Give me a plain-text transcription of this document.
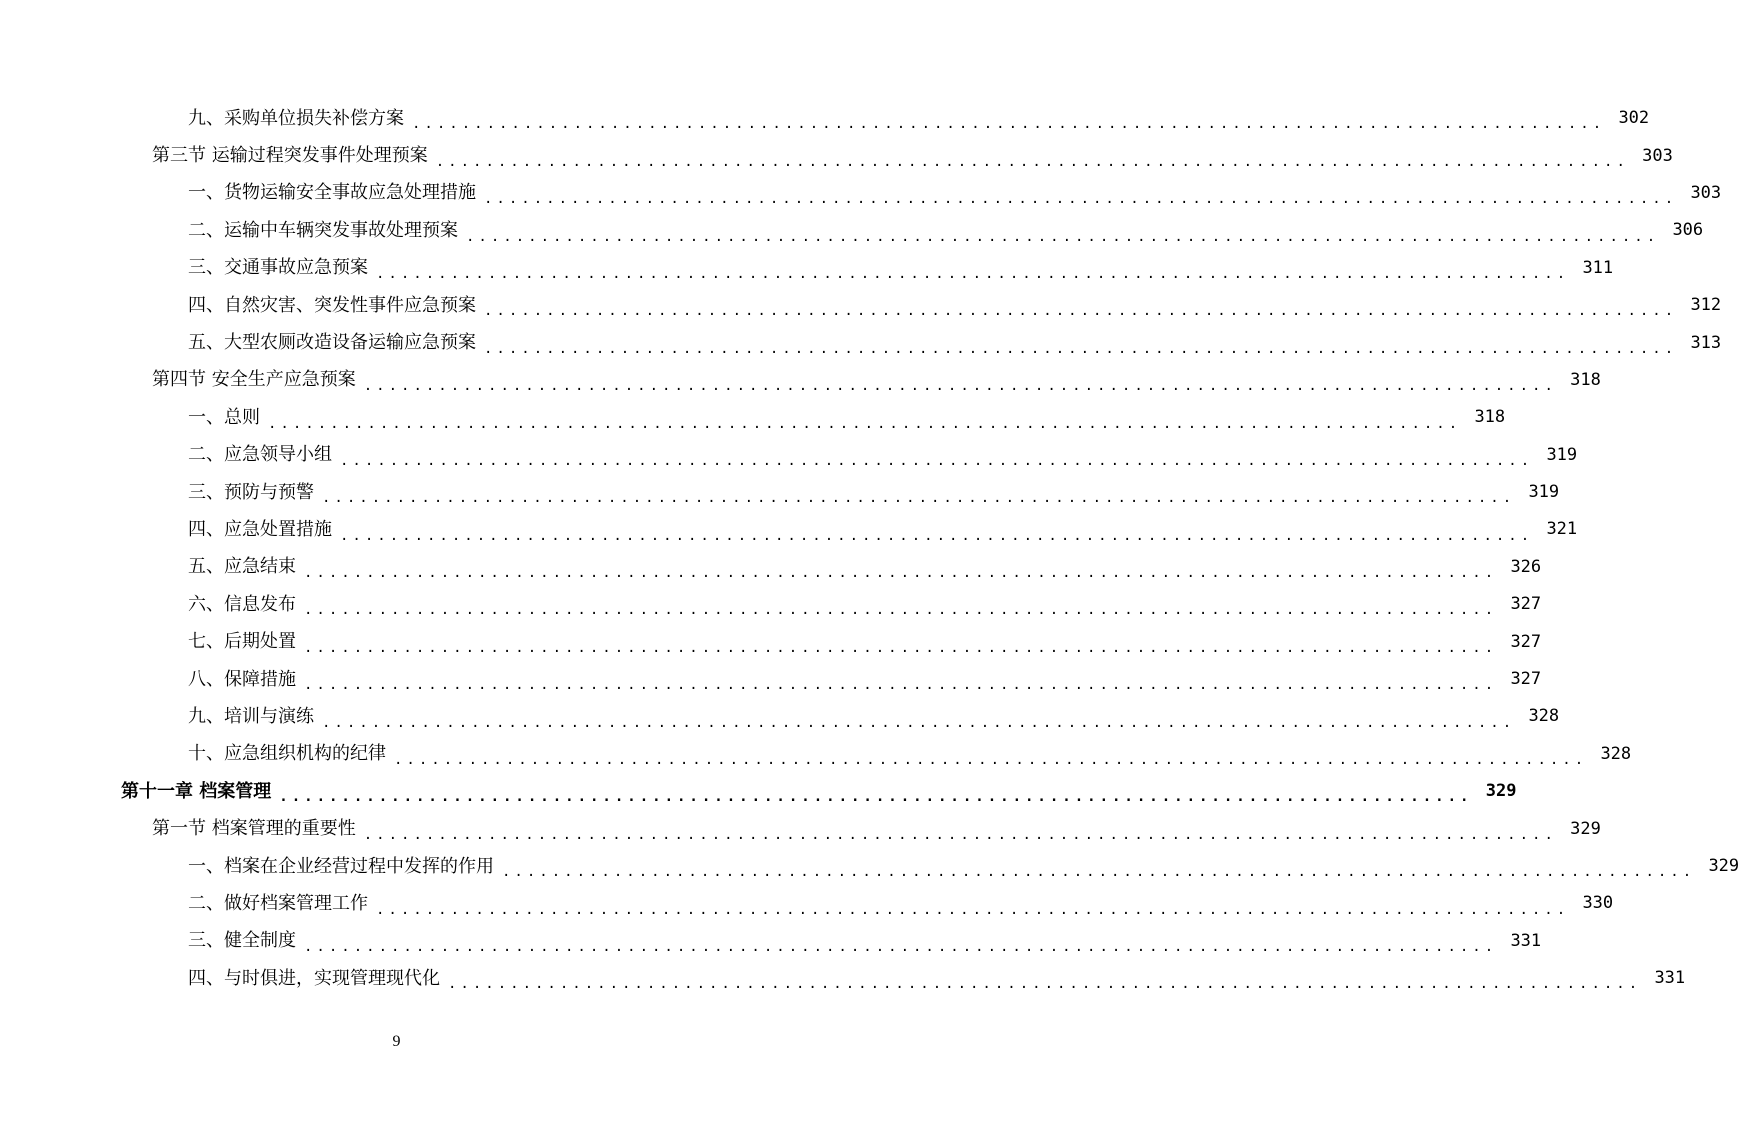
九、采购单位损失补偿方案 ................................................................................................ 302
第三节 运输过程突发事件处理预案 ................................................................................................ 303
一、货物运输安全事故应急处理措施 ................................................................................................ 303
二、运输中车辆突发事故处理预案 ................................................................................................ 306
三、交通事故应急预案 ................................................................................................ 311
四、自然灾害、突发性事件应急预案 ................................................................................................ 312
五、大型农厕改造设备运输应急预案 ................................................................................................ 313
第四节 安全生产应急预案 ................................................................................................ 318
一、总则 ................................................................................................ 318
二、应急领导小组 ................................................................................................ 319
三、预防与预警 ................................................................................................ 319
四、应急处置措施 ................................................................................................ 321
五、应急结束 ................................................................................................ 326
六、信息发布 ................................................................................................ 327
七、后期处置 ................................................................................................ 327
八、保障措施 ................................................................................................ 327
九、培训与演练 ................................................................................................ 328
十、应急组织机构的纪律 ................................................................................................ 328
第十一章 档案管理 ................................................................................................ 329
第一节 档案管理的重要性 ................................................................................................ 329
一、档案在企业经营过程中发挥的作用 ................................................................................................ 329
二、做好档案管理工作 ................................................................................................ 330
三、健全制度 ................................................................................................ 331
四、与时俱进，实现管理现代化 ................................................................................................ 331
9
